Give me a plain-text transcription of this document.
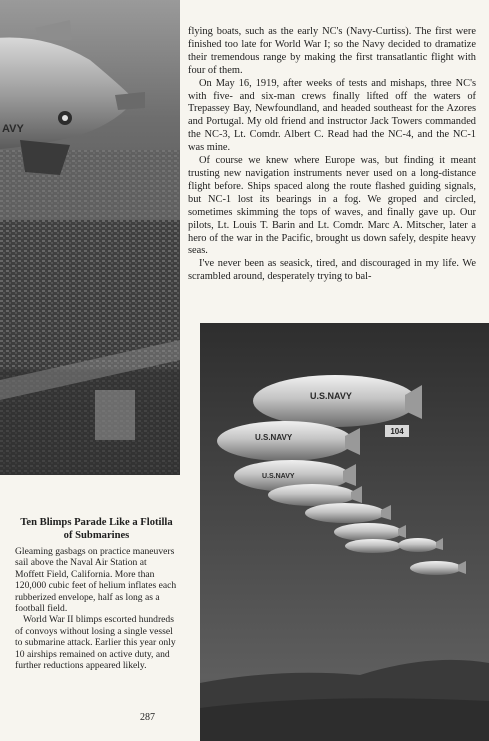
AVY

flying boats, such as the early NC's (Navy-Curtiss). The first were finished too late for World War I; so the Navy decided to dramatize their tremendous range by making the first transatlantic flight with four of them.

On May 16, 1919, after weeks of tests and mishaps, three NC's with five- and six-man crews finally lifted off the waters of Trepassey Bay, Newfoundland, and headed southeast for the Azores and Portugal. My old friend and instructor Jack Towers commanded the NC-3, Lt. Comdr. Albert C. Read had the NC-4, and the NC-1 was mine.

Of course we knew where Europe was, but finding it meant trusting new navigation instruments never used on a long-distance flight before. Ships spaced along the route flashed guiding signals, but NC-1 lost its bearings in a fog. We groped and circled, sometimes skimming the tops of waves, and finally gave up. Our pilots, Lt. Louis T. Barin and Lt. Comdr. Marc A. Mitscher, later a hero of the war in the Pacific, brought us down safely, despite heavy seas.

I've never been as seasick, tired, and discouraged in my life. We scrambled around, desperately trying to bal-

104
U.S.NAVY
U.S.NAVY
U.S.NAVY

Ten Blimps Parade Like a Flotilla of Submarines

Gleaming gasbags on practice maneuvers sail above the Naval Air Station at Moffett Field, California. More than 120,000 cubic feet of helium inflates each rubberized envelope, half as long as a football field.

World War II blimps escorted hundreds of convoys without losing a single vessel to submarine attack. Earlier this year only 10 airships remained on active duty, and further reductions appeared likely.

287
